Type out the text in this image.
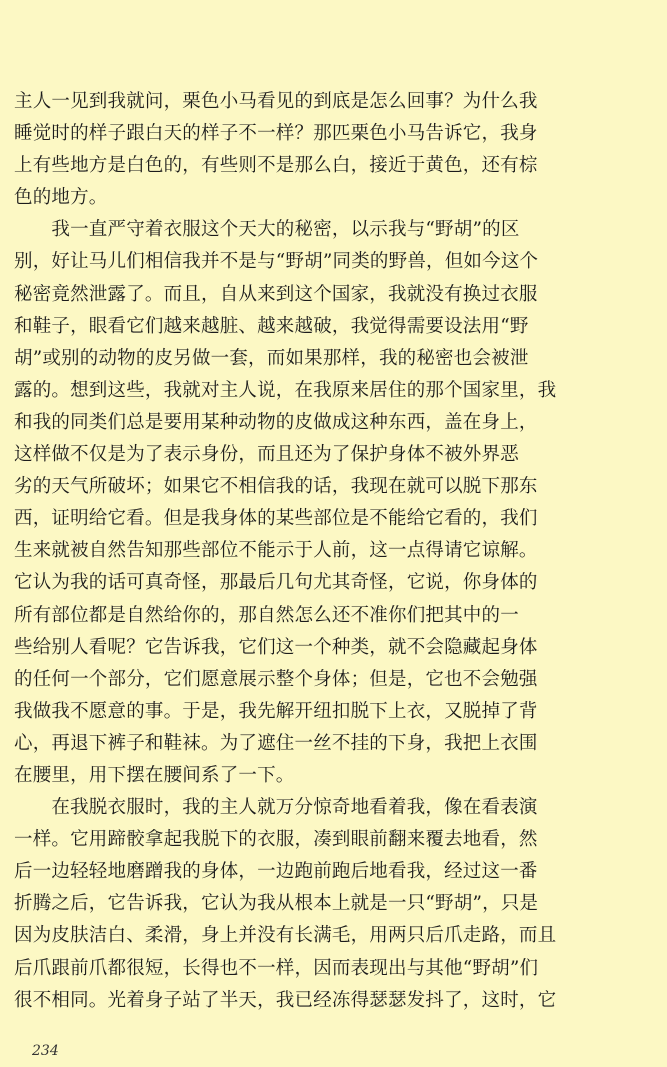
主人一见到我就问，栗色小马看见的到底是怎么回事？为什么我
睡觉时的样子跟白天的样子不一样？那匹栗色小马告诉它，我身
上有些地方是白色的，有些则不是那么白，接近于黄色，还有棕
色的地方。
　　我一直严守着衣服这个天大的秘密，以示我与“野胡”的区
别，好让马儿们相信我并不是与“野胡”同类的野兽，但如今这个
秘密竟然泄露了。而且，自从来到这个国家，我就没有换过衣服
和鞋子，眼看它们越来越脏、越来越破，我觉得需要设法用“野
胡”或别的动物的皮另做一套，而如果那样，我的秘密也会被泄
露的。想到这些，我就对主人说，在我原来居住的那个国家里，我
和我的同类们总是要用某种动物的皮做成这种东西，盖在身上，
这样做不仅是为了表示身份，而且还为了保护身体不被外界恶
劣的天气所破坏；如果它不相信我的话，我现在就可以脱下那东
西，证明给它看。但是我身体的某些部位是不能给它看的，我们
生来就被自然告知那些部位不能示于人前，这一点得请它谅解。
它认为我的话可真奇怪，那最后几句尤其奇怪，它说，你身体的
所有部位都是自然给你的，那自然怎么还不准你们把其中的一
些给别人看呢？它告诉我，它们这一个种类，就不会隐藏起身体
的任何一个部分，它们愿意展示整个身体；但是，它也不会勉强
我做我不愿意的事。于是，我先解开纽扣脱下上衣，又脱掉了背
心，再退下裤子和鞋袜。为了遮住一丝不挂的下身，我把上衣围
在腰里，用下摆在腰间系了一下。
　　在我脱衣服时，我的主人就万分惊奇地看着我，像在看表演
一样。它用蹄骹拿起我脱下的衣服，凑到眼前翻来覆去地看，然
后一边轻轻地磨蹭我的身体，一边跑前跑后地看我，经过这一番
折腾之后，它告诉我，它认为我从根本上就是一只“野胡”，只是
因为皮肤洁白、柔滑，身上并没有长满毛，用两只后爪走路，而且
后爪跟前爪都很短，长得也不一样，因而表现出与其他“野胡”们
很不相同。光着身子站了半天，我已经冻得瑟瑟发抖了，这时，它
234
